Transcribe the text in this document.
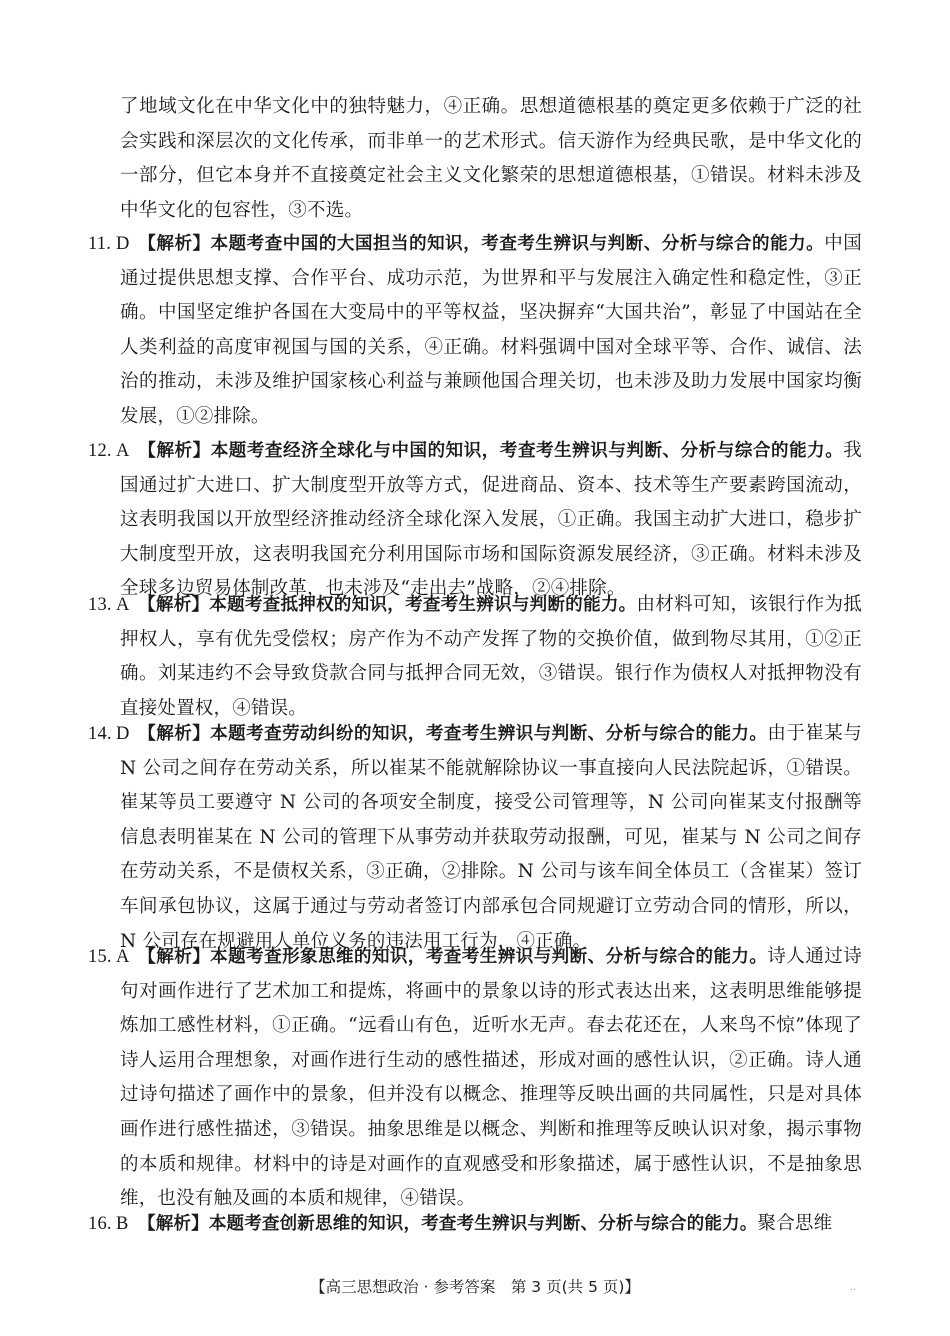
了地域文化在中华文化中的独特魅力，④正确。思想道德根基的奠定更多依赖于广泛的社会实践和深层次的文化传承，而非单一的艺术形式。信天游作为经典民歌，是中华文化的一部分，但它本身并不直接奠定社会主义文化繁荣的思想道德根基，①错误。材料未涉及中华文化的包容性，③不选。
11. D 【解析】本题考查中国的大国担当的知识，考查考生辨识与判断、分析与综合的能力。中国通过提供思想支撑、合作平台、成功示范，为世界和平与发展注入确定性和稳定性，③正确。中国坚定维护各国在大变局中的平等权益，坚决摒弃“大国共治”，彰显了中国站在全人类利益的高度审视国与国的关系，④正确。材料强调中国对全球平等、合作、诚信、法治的推动，未涉及维护国家核心利益与兼顾他国合理关切，也未涉及助力发展中国家均衡发展，①②排除。
12. A 【解析】本题考查经济全球化与中国的知识，考查考生辨识与判断、分析与综合的能力。我国通过扩大进口、扩大制度型开放等方式，促进商品、资本、技术等生产要素跨国流动，这表明我国以开放型经济推动经济全球化深入发展，①正确。我国主动扩大进口，稳步扩大制度型开放，这表明我国充分利用国际市场和国际资源发展经济，③正确。材料未涉及全球多边贸易体制改革，也未涉及“走出去”战略，②④排除。
13. A 【解析】本题考查抵押权的知识，考查考生辨识与判断的能力。由材料可知，该银行作为抵押权人，享有优先受偿权；房产作为不动产发挥了物的交换价值，做到物尽其用，①②正确。刘某违约不会导致贷款合同与抵押合同无效，③错误。银行作为债权人对抵押物没有直接处置权，④错误。
14. D 【解析】本题考查劳动纠纷的知识，考查考生辨识与判断、分析与综合的能力。由于崔某与 N 公司之间存在劳动关系，所以崔某不能就解除协议一事直接向人民法院起诉，①错误。崔某等员工要遵守 N 公司的各项安全制度，接受公司管理等，N 公司向崔某支付报酬等信息表明崔某在 N 公司的管理下从事劳动并获取劳动报酬，可见，崔某与 N 公司之间存在劳动关系，不是债权关系，③正确，②排除。N 公司与该车间全体员工（含崔某）签订车间承包协议，这属于通过与劳动者签订内部承包合同规避订立劳动合同的情形，所以，N 公司存在规避用人单位义务的违法用工行为，④正确。
15. A 【解析】本题考查形象思维的知识，考查考生辨识与判断、分析与综合的能力。诗人通过诗句对画作进行了艺术加工和提炼，将画中的景象以诗的形式表达出来，这表明思维能够提炼加工感性材料，①正确。“远看山有色，近听水无声。春去花还在，人来鸟不惊”体现了诗人运用合理想象，对画作进行生动的感性描述，形成对画的感性认识，②正确。诗人通过诗句描述了画作中的景象，但并没有以概念、推理等反映出画的共同属性，只是对具体画作进行感性描述，③错误。抽象思维是以概念、判断和推理等反映认识对象，揭示事物的本质和规律。材料中的诗是对画作的直观感受和形象描述，属于感性认识，不是抽象思维，也没有触及画的本质和规律，④错误。
16. B 【解析】本题考查创新思维的知识，考查考生辨识与判断、分析与综合的能力。聚合思维
【高三思想政治 · 参考答案　第 3 页(共 5 页)】	..
